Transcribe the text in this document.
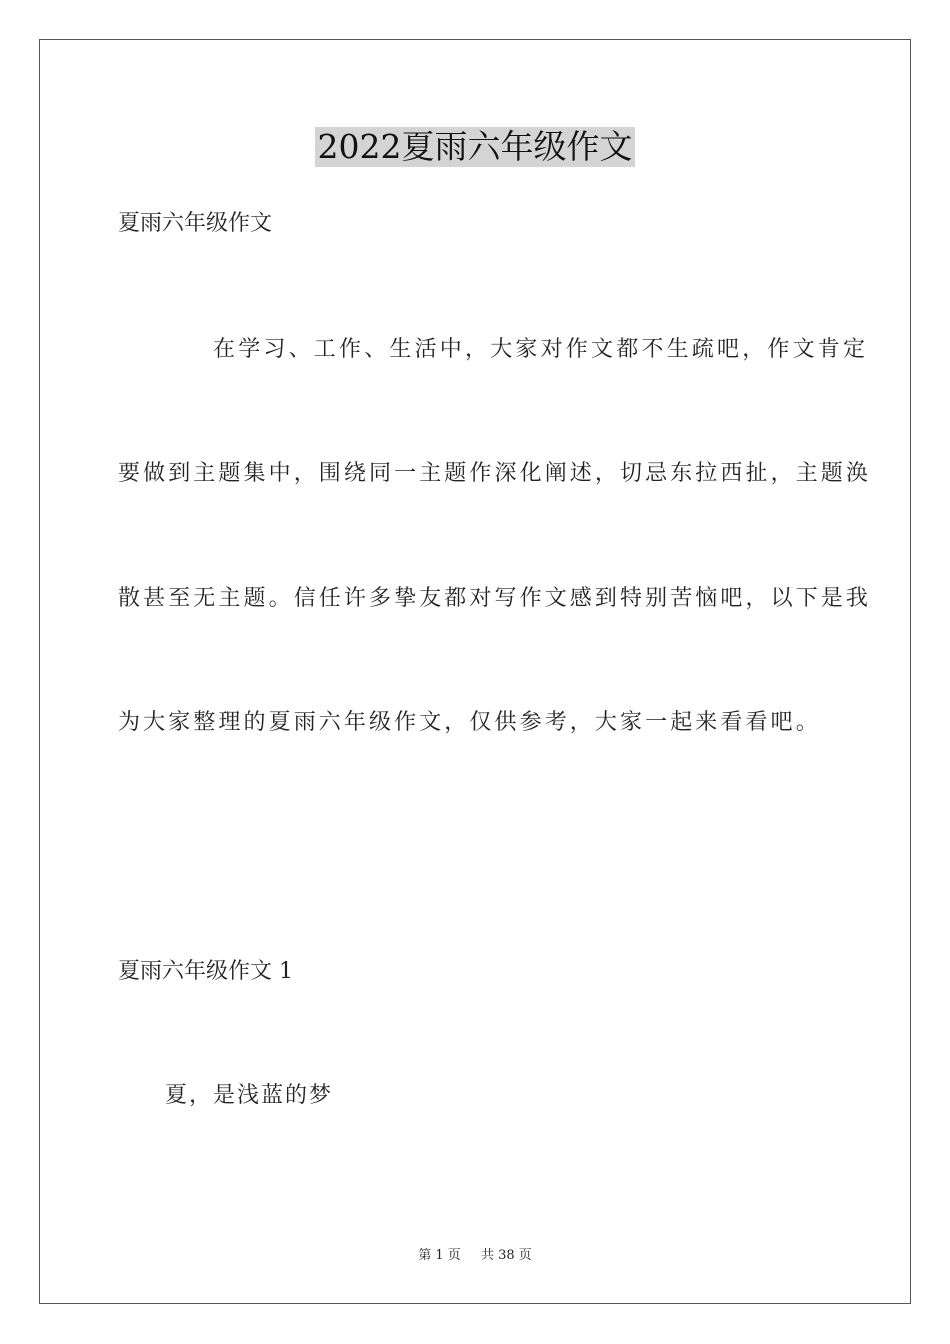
2022夏雨六年级作文
夏雨六年级作文
在学习、工作、生活中，大家对作文都不生疏吧，作文肯定
要做到主题集中，围绕同一主题作深化阐述，切忌东拉西扯，主题涣
散甚至无主题。信任许多挚友都对写作文感到特别苦恼吧，以下是我
为大家整理的夏雨六年级作文，仅供参考，大家一起来看看吧。
夏雨六年级作文 1
夏，是浅蓝的梦
第 1 页 共 38 页
